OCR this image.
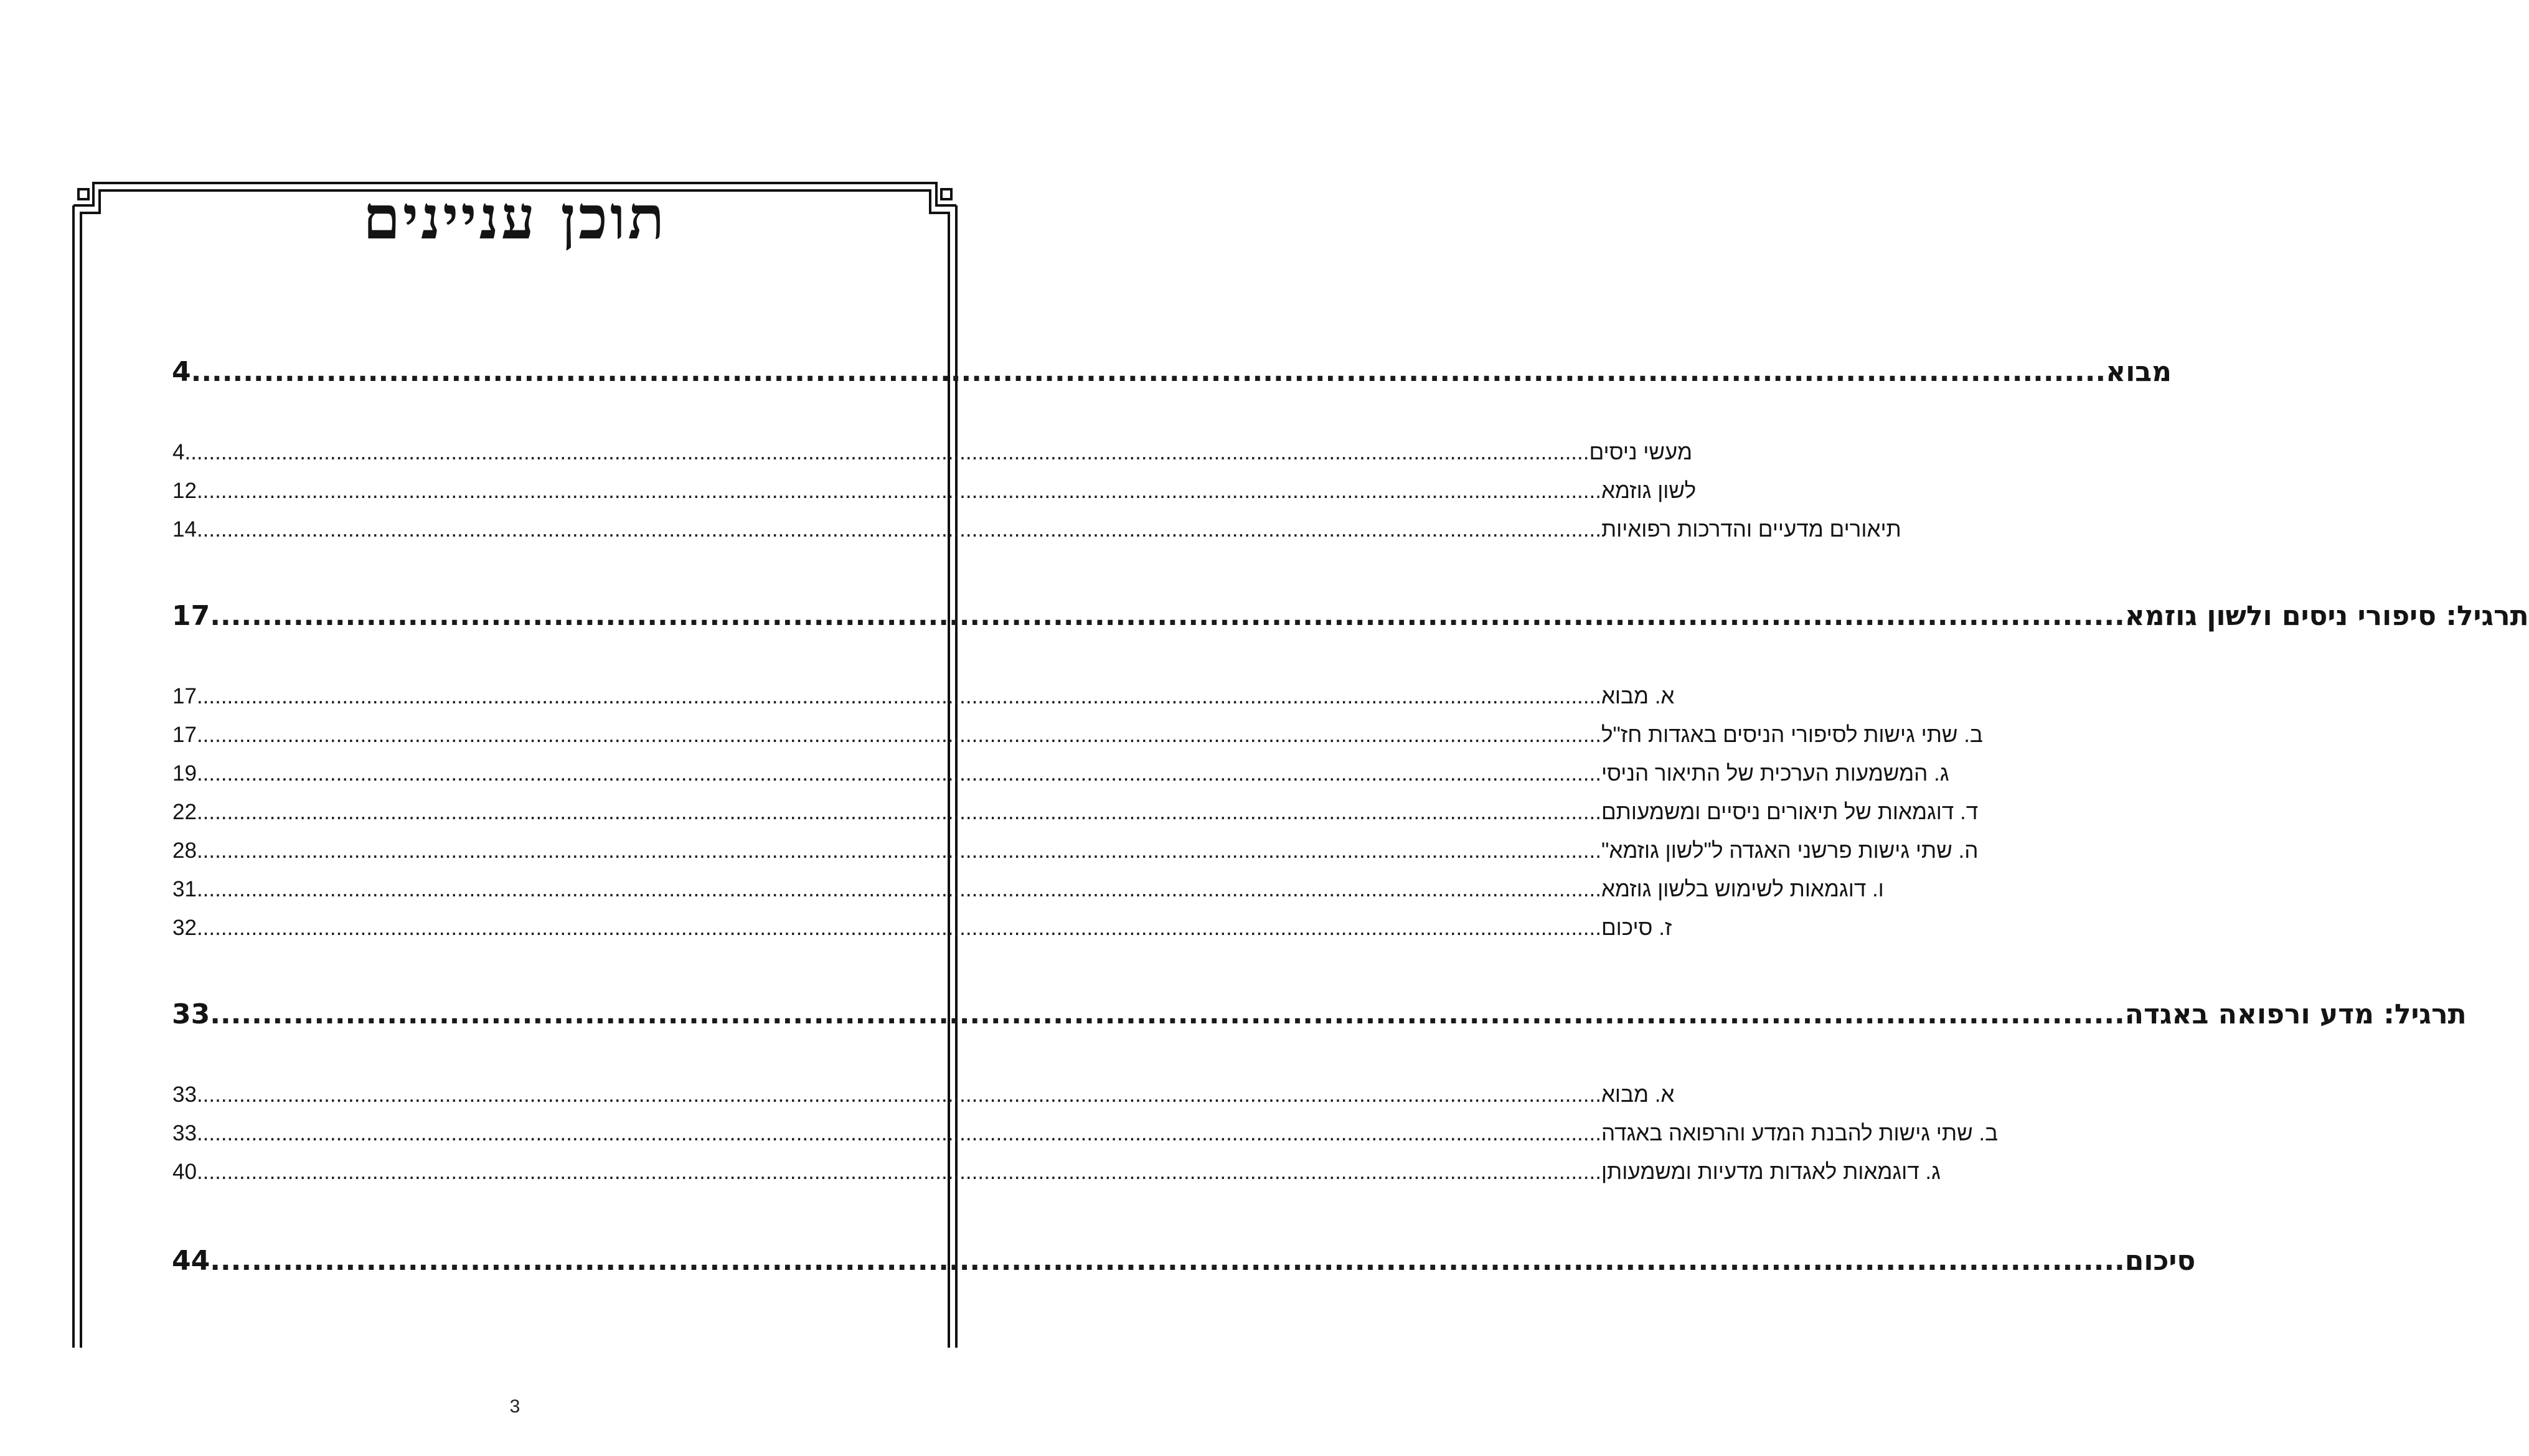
תוכן עניינים
4 ........................................................................................................................................................................................ מבוא
4 ........................................................................................................................................................................................................................................ מעשי ניסים
12 ........................................................................................................................................................................................................................................ לשון גוזמא
14 ........................................................................................................................................................................................................................................ תיאורים מדעיים והדרכות רפואיות
17 ........................................................................................................................................................................................ תרגיל: סיפורי ניסים ולשון גוזמא
17 ........................................................................................................................................................................................................................................ א. מבוא
17 ........................................................................................................................................................................................................................................ ב. שתי גישות לסיפורי הניסים באגדות חז"ל
19 ........................................................................................................................................................................................................................................ ג. המשמעות הערכית של התיאור הניסי
22 ........................................................................................................................................................................................................................................ ד. דוגמאות של תיאורים ניסיים ומשמעותם
28 ........................................................................................................................................................................................................................................ ה. שתי גישות פרשני האגדה ל"לשון גוזמא"
31 ........................................................................................................................................................................................................................................ ו. דוגמאות לשימוש בלשון גוזמא
32 ........................................................................................................................................................................................................................................ ז. סיכום
33 ........................................................................................................................................................................................ תרגיל: מדע ורפואה באגדה
33 ........................................................................................................................................................................................................................................ א. מבוא
33 ........................................................................................................................................................................................................................................ ב. שתי גישות להבנת המדע והרפואה באגדה
40 ........................................................................................................................................................................................................................................ ג. דוגמאות לאגדות מדעיות ומשמעותן
44 ........................................................................................................................................................................................ סיכום
3
